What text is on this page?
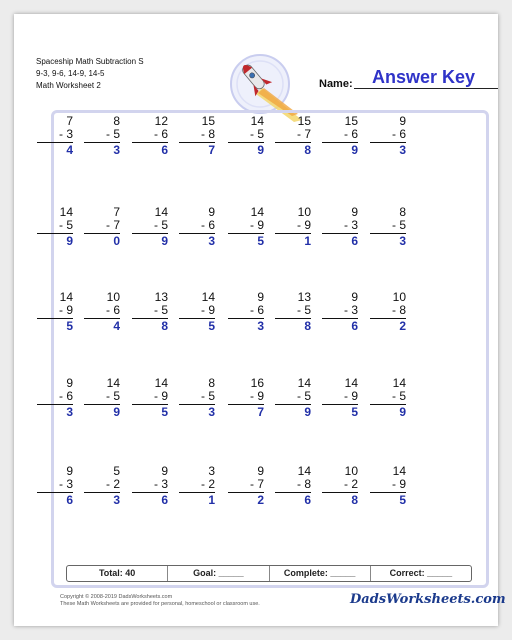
Spaceship Math Subtraction S
9-3, 9-6, 14-9, 14-5
Math Worksheet 2	Name: Answer Key
7
- 3
4
8
- 5
3
12
- 6
6
15
- 8
7
14
- 5
9
15
- 7
8
15
- 6
9
9
- 6
3
14
- 5
9
7
- 7
0
14
- 5
9
9
- 6
3
14
- 9
5
10
- 9
1
9
- 3
6
8
- 5
3
14
- 9
5
10
- 6
4
13
- 5
8
14
- 9
5
9
- 6
3
13
- 5
8
9
- 3
6
10
- 8
2
9
- 6
3
14
- 5
9
14
- 9
5
8
- 5
3
16
- 9
7
14
- 5
9
14
- 9
5
14
- 5
9
9
- 3
6
5
- 2
3
9
- 3
6
3
- 2
1
9
- 7
2
14
- 8
6
10
- 2
8
14
- 9
5
Total: 40	Goal: _____	Complete: _____	Correct: _____
Copyright © 2008-2019 DadsWorksheets.com
These Math Worksheets are provided for personal, homeschool or classroom use.	DadsWorksheets.com
